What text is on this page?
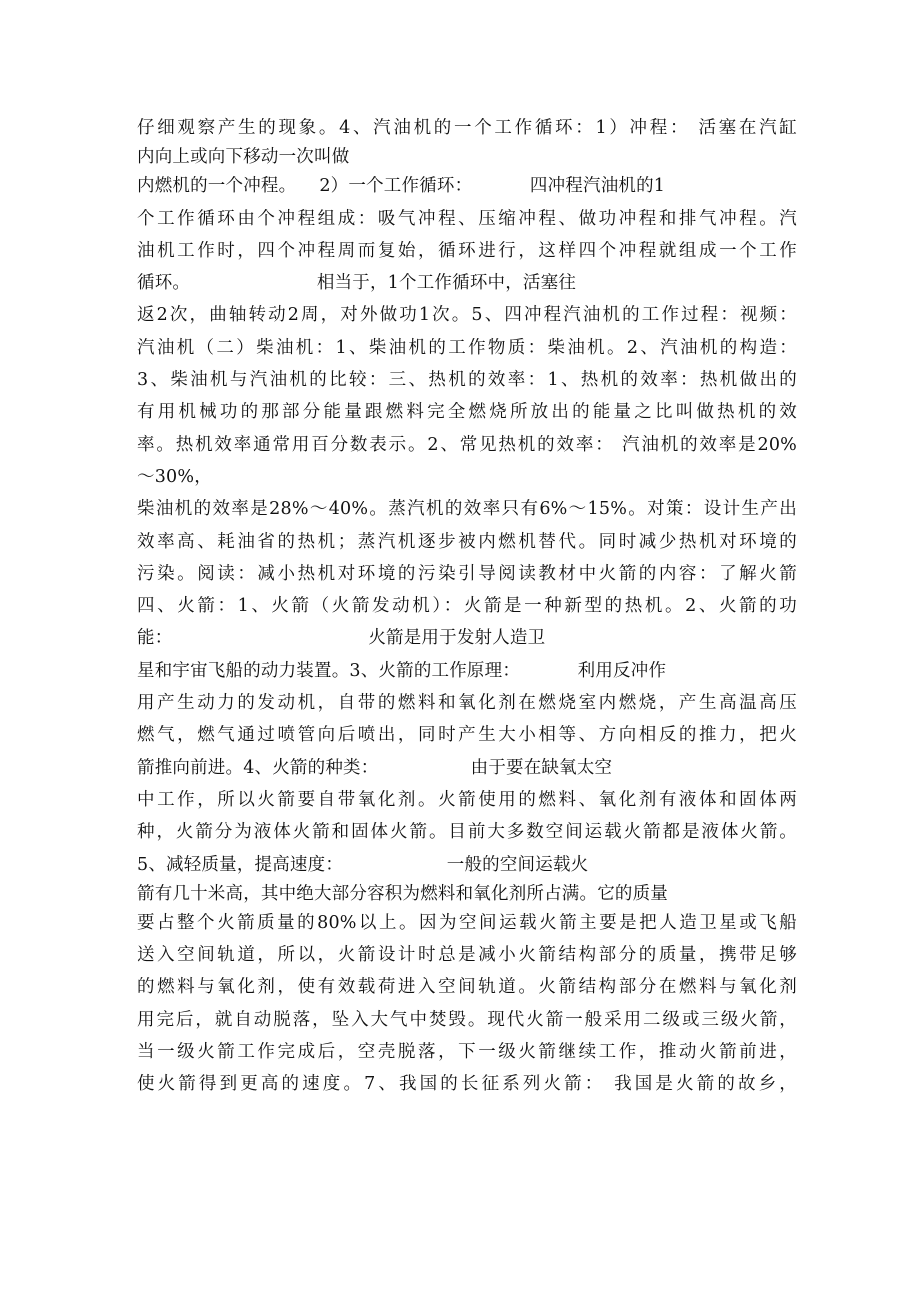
仔细观察产生的现象。4、汽油机的一个工作循环：1）冲程： 活塞在汽缸
内向上或向下移动一次叫做
内燃机的一个冲程。    2）一个工作循环：          四冲程汽油机的1
个工作循环由个冲程组成：吸气冲程、压缩冲程、做功冲程和排气冲程。汽
油机工作时，四个冲程周而复始，循环进行，这样四个冲程就组成一个工作
循环。                      相当于，1个工作循环中，活塞往
返2次，曲轴转动2周，对外做功1次。5、四冲程汽油机的工作过程：视频：
汽油机（二）柴油机：1、柴油机的工作物质：柴油机。2、汽油机的构造：
3、柴油机与汽油机的比较：三、热机的效率：1、热机的效率：热机做出的
有用机械功的那部分能量跟燃料完全燃烧所放出的能量之比叫做热机的效
率。热机效率通常用百分数表示。2、常见热机的效率： 汽油机的效率是20%
～30%，
柴油机的效率是28%～40%。蒸汽机的效率只有6%～15%。对策：设计生产出
效率高、耗油省的热机；蒸汽机逐步被内燃机替代。同时减少热机对环境的
污染。阅读：减小热机对环境的污染引导阅读教材中火箭的内容：了解火箭
四、火箭：1、火箭（火箭发动机）：火箭是一种新型的热机。2、火箭的功
能：                                  火箭是用于发射人造卫
星和宇宙飞船的动力装置。3、火箭的工作原理：          利用反冲作
用产生动力的发动机，自带的燃料和氧化剂在燃烧室内燃烧，产生高温高压
燃气，燃气通过喷管向后喷出，同时产生大小相等、方向相反的推力，把火
箭推向前进。4、火箭的种类：                由于要在缺氧太空
中工作，所以火箭要自带氧化剂。火箭使用的燃料、氧化剂有液体和固体两
种，火箭分为液体火箭和固体火箭。目前大多数空间运载火箭都是液体火箭。
5、减轻质量，提高速度：                  一般的空间运载火
箭有几十米高，其中绝大部分容积为燃料和氧化剂所占满。它的质量
要占整个火箭质量的80%以上。因为空间运载火箭主要是把人造卫星或飞船
送入空间轨道，所以，火箭设计时总是减小火箭结构部分的质量，携带足够
的燃料与氧化剂，使有效载荷进入空间轨道。火箭结构部分在燃料与氧化剂
用完后，就自动脱落，坠入大气中焚毁。现代火箭一般采用二级或三级火箭，
当一级火箭工作完成后，空壳脱落，下一级火箭继续工作，推动火箭前进，
使火箭得到更高的速度。7、我国的长征系列火箭： 我国是火箭的故乡，
